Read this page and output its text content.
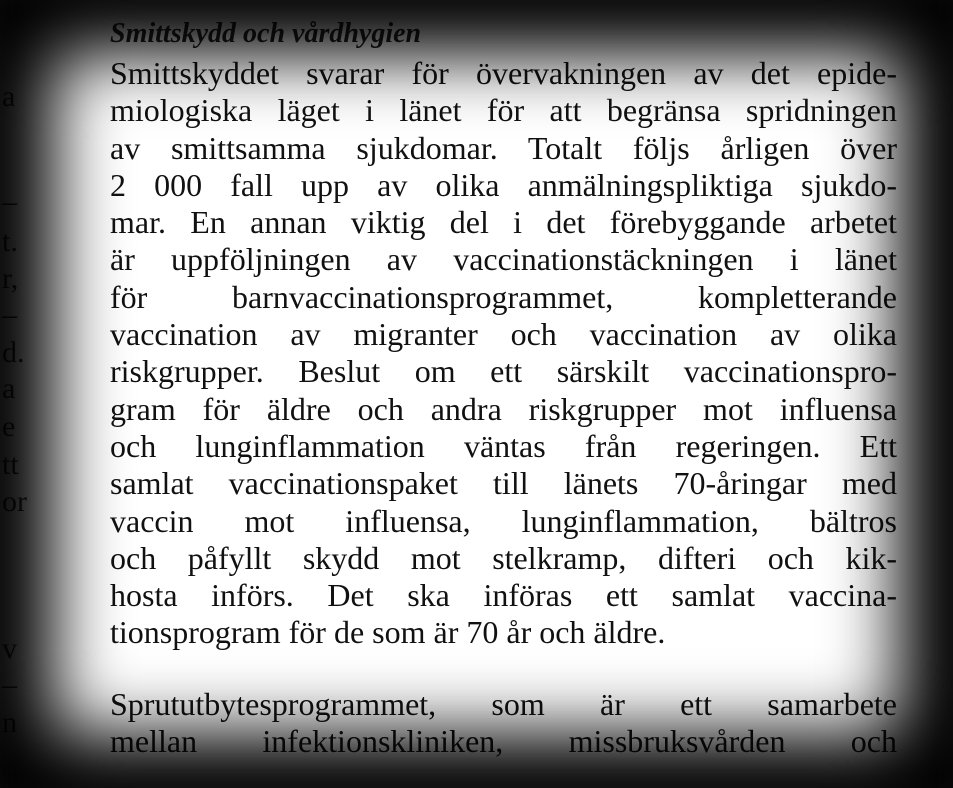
a
–
t.
r,
–
d.
a
e
tt
or
v
–
n
Smittskydd och vårdhygien
Smittskyddet svarar för övervakningen av det epide-
miologiska läget i länet för att begränsa spridningen
av smittsamma sjukdomar. Totalt följs årligen över
2 000 fall upp av olika anmälningspliktiga sjukdo-
mar. En annan viktig del i det förebyggande arbetet
är uppföljningen av vaccinationstäckningen i länet
för barnvaccinationsprogrammet, kompletterande
vaccination av migranter och vaccination av olika
riskgrupper. Beslut om ett särskilt vaccinationspro-
gram för äldre och andra riskgrupper mot influensa
och lunginflammation väntas från regeringen. Ett
samlat vaccinationspaket till länets 70-åringar med
vaccin mot influensa, lunginflammation, bältros
och påfyllt skydd mot stelkramp, difteri och kik-
hosta införs. Det ska införas ett samlat vaccina-
tionsprogram för de som är 70 år och äldre.
Sprututbytesprogrammet, som är ett samarbete
mellan infektionskliniken, missbruksvården och
